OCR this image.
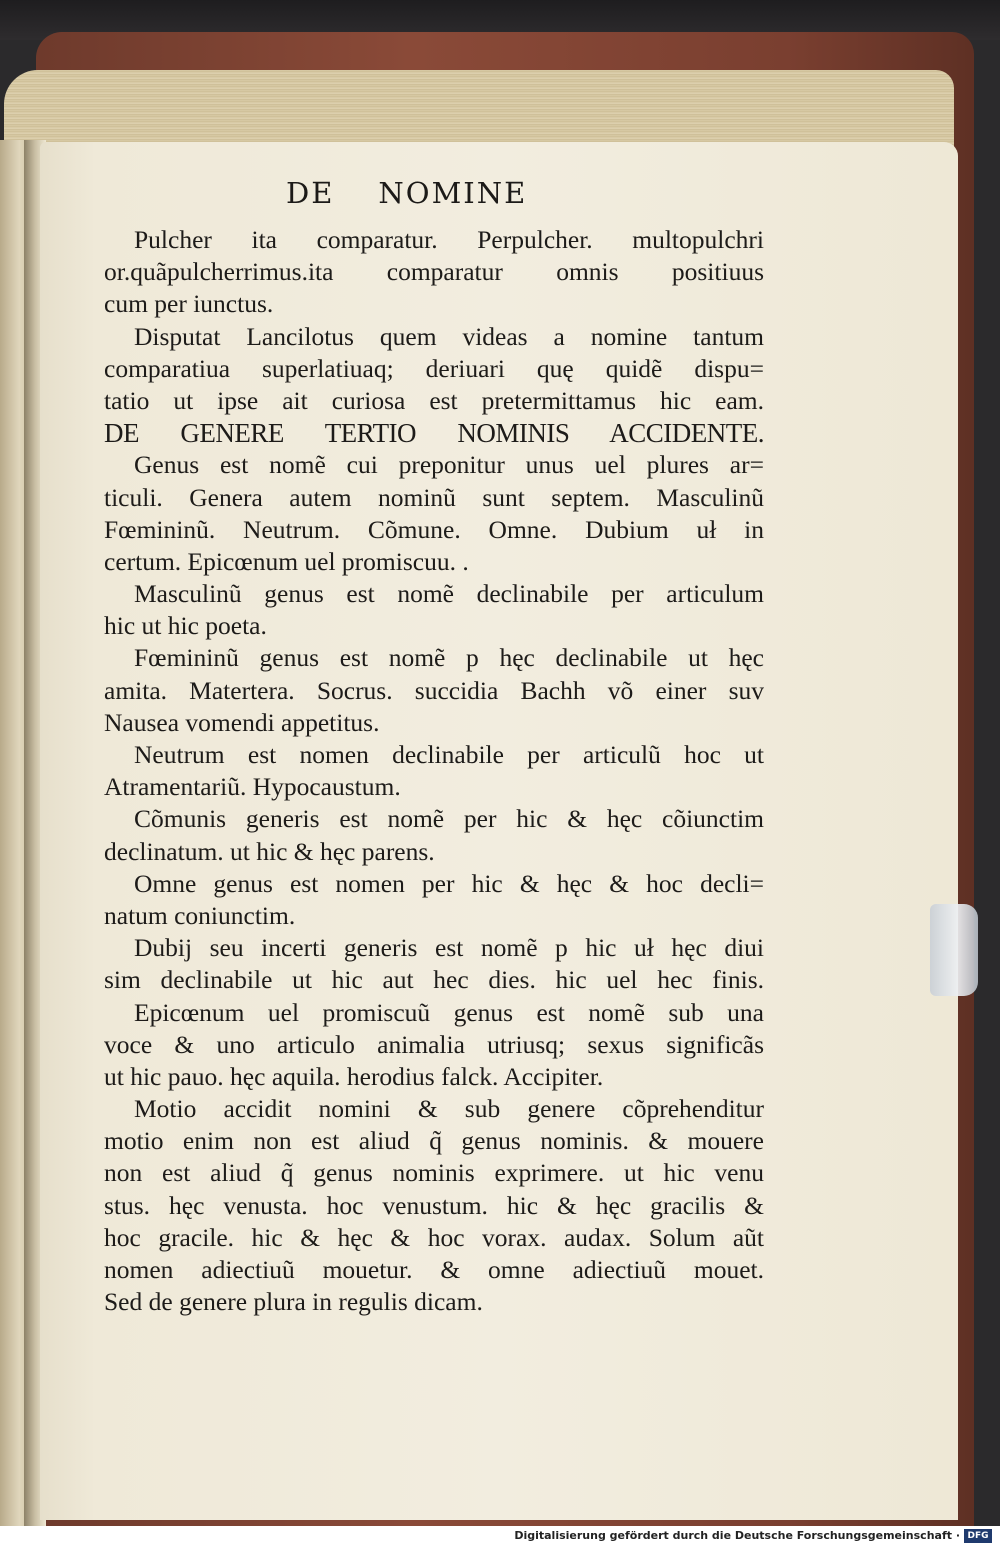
DE NOMINE
Pulcher ita comparatur. Perpulcher. multopulchri
or.quãpulcherrimus.ita comparatur omnis positiuus
cum per iunctus.
Disputat Lancilotus quem videas a nomine tantum
comparatiua superlatiuaq; deriuari quę quidẽ dispu=
tatio ut ipse ait curiosa est pretermittamus hic eam.
DE GENERE TERTIO NOMINIS ACCIDENTE.
Genus est nomẽ cui preponitur unus uel plures ar=
ticuli. Genera autem nominũ sunt septem. Masculinũ
Fœmininũ. Neutrum. Cõmune. Omne. Dubium uł in
certum. Epicœnum uel promiscuu. .
Masculinũ genus est nomẽ declinabile per articulum
hic ut hic poeta.
Fœmininũ genus est nomẽ p hęc declinabile ut hęc
amita. Matertera. Socrus. succidia Bachh võ einer suv
Nausea vomendi appetitus.
Neutrum est nomen declinabile per articulũ hoc ut
Atramentariũ. Hypocaustum.
Cõmunis generis est nomẽ per hic & hęc cõiunctim
declinatum. ut hic & hęc parens.
Omne genus est nomen per hic & hęc & hoc decli=
natum coniunctim.
Dubij seu incerti generis est nomẽ p hic uł hęc diui
sim declinabile ut hic aut hec dies. hic uel hec finis.
Epicœnum uel promiscuũ genus est nomẽ sub una
voce & uno articulo animalia utriusq; sexus significãs
ut hic pauo. hęc aquila. herodius falck. Accipiter.
Motio accidit nomini & sub genere cõprehenditur
motio enim non est aliud q̃ genus nominis. & mouere
non est aliud q̃ genus nominis exprimere. ut hic venu
stus. hęc venusta. hoc venustum. hic & hęc gracilis &
hoc gracile. hic & hęc & hoc vorax. audax. Solum aũt
nomen adiectiuũ mouetur. & omne adiectiuũ mouet.
Sed de genere plura in regulis dicam.
Digitalisierung gefördert durch die Deutsche Forschungsgemeinschaft · DFG
